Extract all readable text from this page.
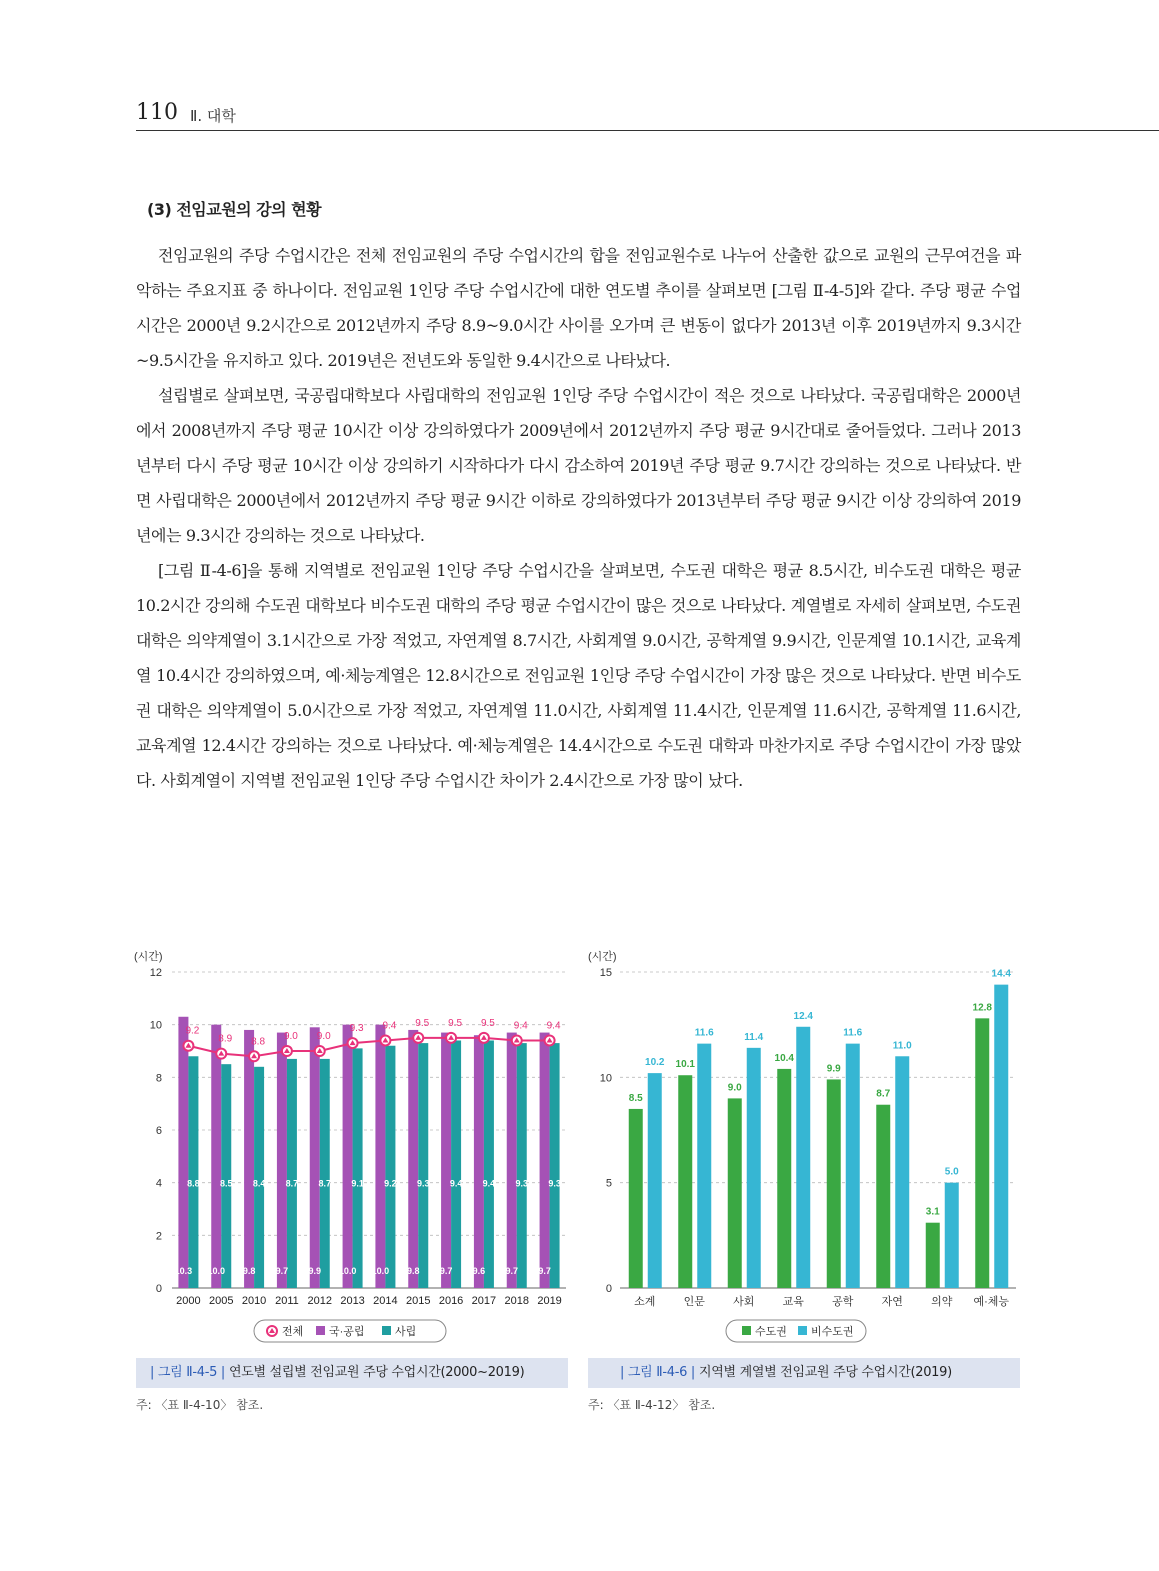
110 Ⅱ. 대학
(3) 전임교원의 강의 현황

전임교원의 주당 수업시간은 전체 전임교원의 주당 수업시간의 합을 전임교원수로 나누어 산출한 값으로 교원의 근무여건을 파악하는 주요지표 중 하나이다. 전임교원 1인당 주당 수업시간에 대한 연도별 추이를 살펴보면 [그림 Ⅱ-4-5]와 같다. 주당 평균 수업시간은 2000년 9.2시간으로 2012년까지 주당 8.9~9.0시간 사이를 오가며 큰 변동이 없다가 2013년 이후 2019년까지 9.3시간~9.5시간을 유지하고 있다. 2019년은 전년도와 동일한 9.4시간으로 나타났다.

설립별로 살펴보면, 국공립대학보다 사립대학의 전임교원 1인당 주당 수업시간이 적은 것으로 나타났다. 국공립대학은 2000년에서 2008년까지 주당 평균 10시간 이상 강의하였다가 2009년에서 2012년까지 주당 평균 9시간대로 줄어들었다. 그러나 2013년부터 다시 주당 평균 10시간 이상 강의하기 시작하다가 다시 감소하여 2019년 주당 평균 9.7시간 강의하는 것으로 나타났다. 반면 사립대학은 2000년에서 2012년까지 주당 평균 9시간 이하로 강의하였다가 2013년부터 주당 평균 9시간 이상 강의하여 2019년에는 9.3시간 강의하는 것으로 나타났다.

[그림 Ⅱ-4-6]을 통해 지역별로 전임교원 1인당 주당 수업시간을 살펴보면, 수도권 대학은 평균 8.5시간, 비수도권 대학은 평균 10.2시간 강의해 수도권 대학보다 비수도권 대학의 주당 평균 수업시간이 많은 것으로 나타났다. 계열별로 자세히 살펴보면, 수도권 대학은 의약계열이 3.1시간으로 가장 적었고, 자연계열 8.7시간, 사회계열 9.0시간, 공학계열 9.9시간, 인문계열 10.1시간, 교육계열 10.4시간 강의하였으며, 예·체능계열은 12.8시간으로 전임교원 1인당 주당 수업시간이 가장 많은 것으로 나타났다. 반면 비수도권 대학은 의약계열이 5.0시간으로 가장 적었고, 자연계열 11.0시간, 사회계열 11.4시간, 인문계열 11.6시간, 공학계열 11.6시간, 교육계열 12.4시간 강의하는 것으로 나타났다. 예·체능계열은 14.4시간으로 수도권 대학과 마찬가지로 주당 수업시간이 가장 많았다. 사회계열이 지역별 전임교원 1인당 주당 수업시간 차이가 2.4시간으로 가장 많이 났다.

(시간)
0
2
4
6
8
10
12
10.3
8.8
2000
10.0
8.5
2005
9.8
8.4
2010
9.7
8.7
2011
9.9
8.7
2012
10.0
9.1
2013
10.0
9.2
2014
9.8
9.3
2015
9.7
9.4
2016
9.6
9.4
2017
9.7
9.3
2018
9.7
9.3
2019
9.2
8.9 8.8 9.0 9.0
9.3 9.4 9.5 9.5 9.5 9.4 9.4
전체 국·공립	사립
| 그림 Ⅱ-4-5 | 연도별 설립별 전임교원 주당 수업시간(2000~2019)
주: 〈표 Ⅱ-4-10〉 참조.
(시간)
0
5
10
15
8.5
10.2
소계
10.1
11.6
인문
9.0
11.4
사회
10.4
12.4
교육
9.9
11.6
공학
8.7
11.0
자연
3.1
5.0
의약
12.8
14.4
예·체능
수도권 비수도권
| 그림 Ⅱ-4-6 | 지역별 계열별 전임교원 주당 수업시간(2019)
주: 〈표 Ⅱ-4-12〉 참조.
